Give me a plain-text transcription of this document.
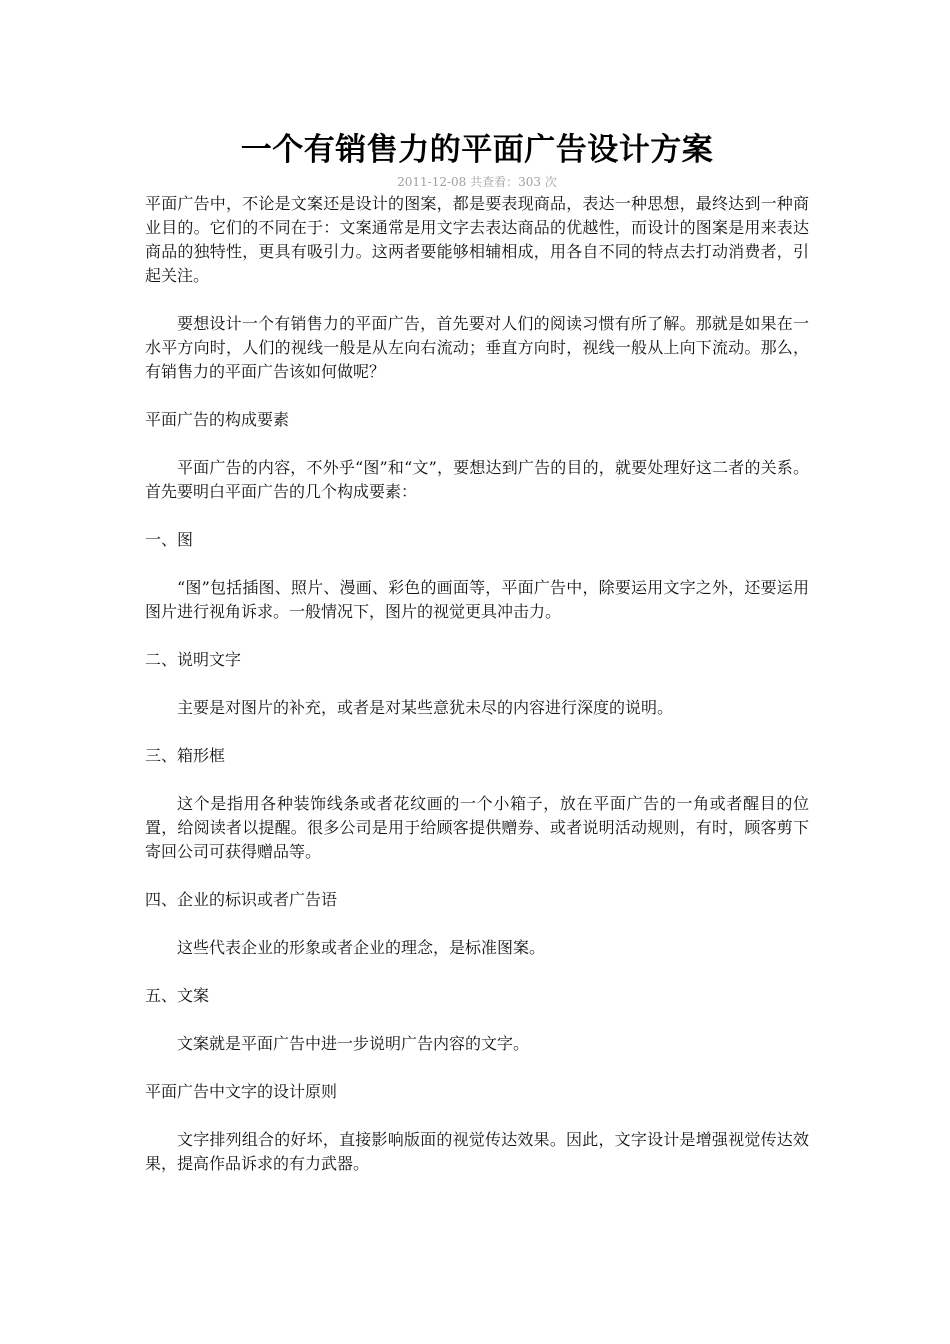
一个有销售力的平面广告设计方案
2011-12-08 共查看：303 次

平面广告中，不论是文案还是设计的图案，都是要表现商品，表达一种思想，最终达到一种商业目的。它们的不同在于：文案通常是用文字去表达商品的优越性，而设计的图案是用来表达商品的独特性，更具有吸引力。这两者要能够相辅相成，用各自不同的特点去打动消费者，引起关注。

要想设计一个有销售力的平面广告，首先要对人们的阅读习惯有所了解。那就是如果在一水平方向时，人们的视线一般是从左向右流动；垂直方向时，视线一般从上向下流动。那么，有销售力的平面广告该如何做呢？

平面广告的构成要素

平面广告的内容，不外乎“图”和“文”，要想达到广告的目的，就要处理好这二者的关系。首先要明白平面广告的几个构成要素：

一、图

“图”包括插图、照片、漫画、彩色的画面等，平面广告中，除要运用文字之外，还要运用图片进行视角诉求。一般情况下，图片的视觉更具冲击力。

二、说明文字

主要是对图片的补充，或者是对某些意犹未尽的内容进行深度的说明。

三、箱形框

这个是指用各种装饰线条或者花纹画的一个小箱子，放在平面广告的一角或者醒目的位置，给阅读者以提醒。很多公司是用于给顾客提供赠券、或者说明活动规则，有时，顾客剪下寄回公司可获得赠品等。

四、企业的标识或者广告语

这些代表企业的形象或者企业的理念，是标准图案。

五、文案

文案就是平面广告中进一步说明广告内容的文字。

平面广告中文字的设计原则

文字排列组合的好坏，直接影响版面的视觉传达效果。因此，文字设计是增强视觉传达效果，提高作品诉求的有力武器。
